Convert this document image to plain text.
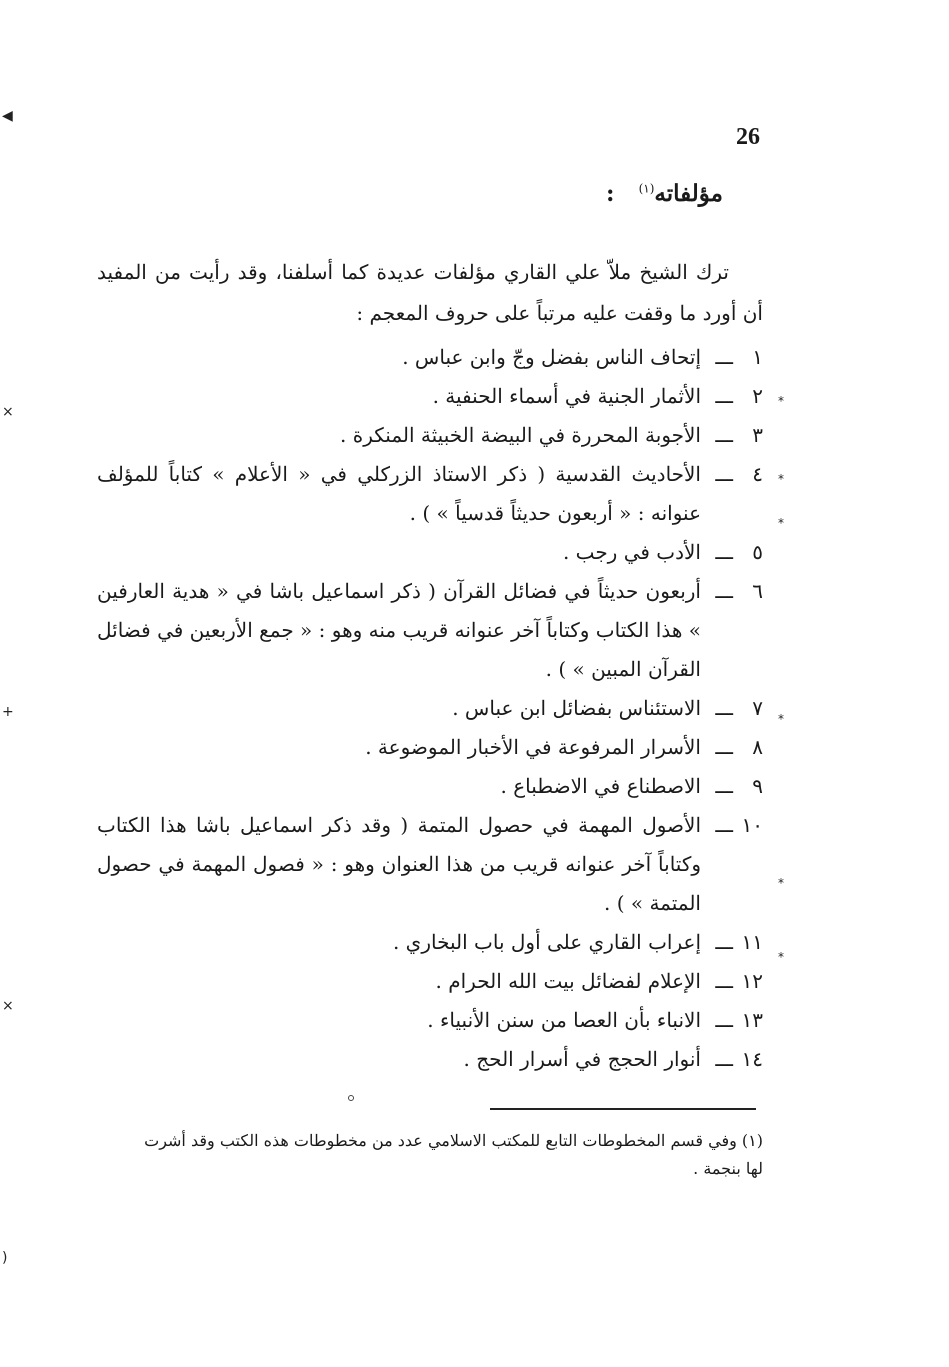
◀
×
+
×
)
26
مؤلفاته$^{(١)}$   :

ترك الشيخ ملاّ علي القاري مؤلفات عديدة كما أسلفنا، وقد رأيت من المفيد أن أورد ما وقفت عليه مرتباً على حروف المعجم :

١
ـــ
إتحاف الناس بفضل وجّ وابن عباس .
٢
ـــ
الأثمار الجنية في أسماء الحنفية .
٣
ـــ
الأجوبة المحررة في البيضة الخبيثة المنكرة .
٤
ـــ
الأحاديث القدسية ( ذكر الاستاذ الزركلي في « الأعلام » كتاباً للمؤلف عنوانه : « أربعون حديثاً قدسياً » ) .
٥
ـــ
الأدب في رجب .
٦
ـــ
أربعون حديثاً في فضائل القرآن ( ذكر اسماعيل باشا في « هدية العارفين » هذا الكتاب وكتاباً آخر عنوانه قريب منه وهو : « جمع الأربعين في فضائل القرآن المبين » ) .
٧
ـــ
الاستئناس بفضائل ابن عباس .
٨
ـــ
الأسرار المرفوعة في الأخبار الموضوعة .
٩
ـــ
الاصطناع في الاضطباع .
١٠
ـــ
الأصول المهمة في حصول المتمة ( وقد ذكر اسماعيل باشا هذا الكتاب وكتاباً آخر عنوانه قريب من هذا العنوان وهو : « فصول المهمة في حصول المتمة » ) .
١١
ـــ
إعراب القاري على أول باب البخاري .
١٢
ـــ
الإعلام لفضائل بيت الله الحرام .
١٣
ـــ
الانباء بأن العصا من سنن الأنبياء .
١٤
ـــ
أنوار الحجج في أسرار الحج .
*
*
*
*
*
*
(١) وفي قسم المخطوطات التابع للمكتب الاسلامي عدد من مخطوطات هذه الكتب وقد أشرت لها بنجمة .
